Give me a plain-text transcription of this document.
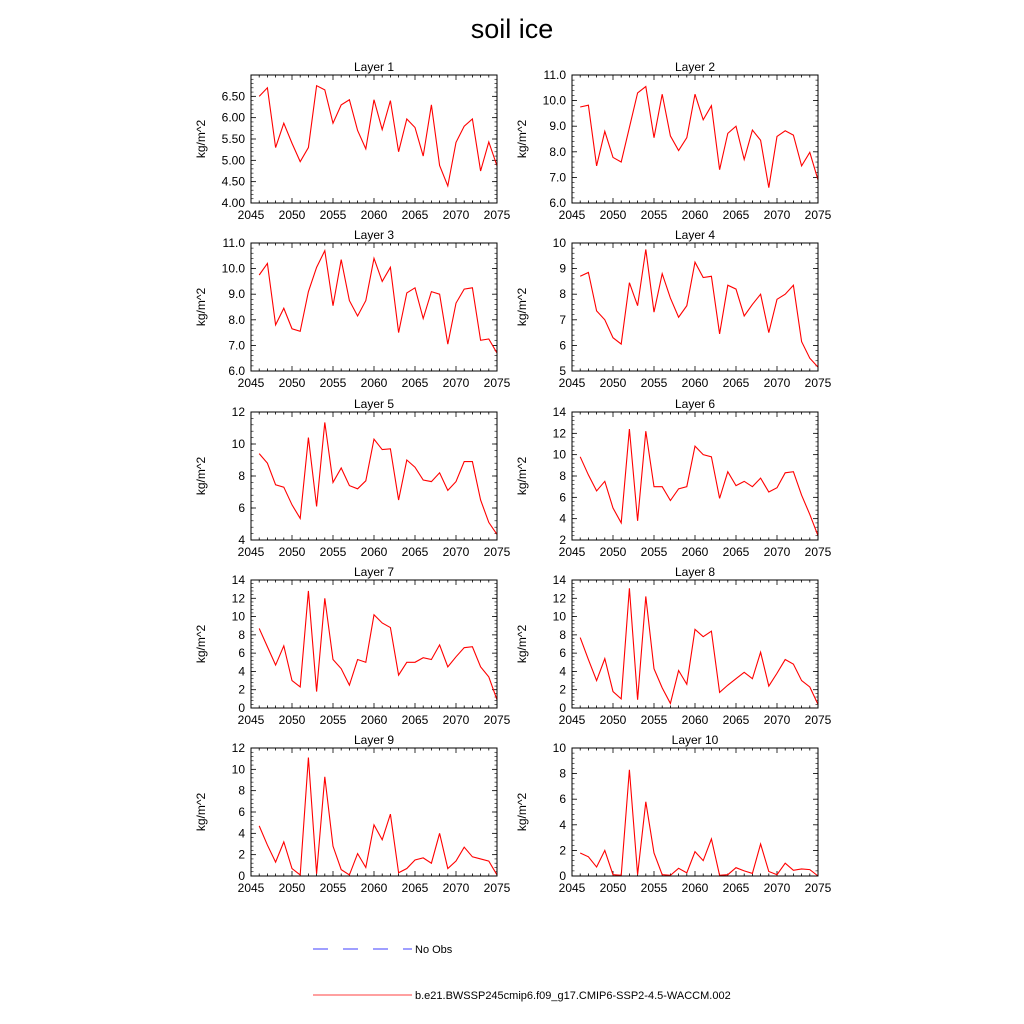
soil ice
Layer 1
kg/m^2
2045 2050 2055 2060 2065 2070 2075
4.00
4.50
5.00
5.50
6.00
6.50
Layer 2
kg/m^2
2045 2050 2055 2060 2065 2070 2075
6.0
7.0
8.0
9.0
10.0
11.0
Layer 3
kg/m^2
2045 2050 2055 2060 2065 2070 2075
6.0
7.0
8.0
9.0
10.0
11.0
Layer 4
kg/m^2
2045 2050 2055 2060 2065 2070 2075
5
6
7
8
9
10
Layer 5
kg/m^2
2045 2050 2055 2060 2065 2070 2075
4
6
8
10
12
Layer 6
kg/m^2
2045 2050 2055 2060 2065 2070 2075
2
4
6
8
10
12
14
Layer 7
kg/m^2
2045 2050 2055 2060 2065 2070 2075
0
2
4
6
8
10
12
14
Layer 8
kg/m^2
2045 2050 2055 2060 2065 2070 2075
0
2
4
6
8
10
12
14
Layer 9
kg/m^2
2045 2050 2055 2060 2065 2070 2075
0
2
4
6
8
10
12
Layer 10
kg/m^2
2045 2050 2055 2060 2065 2070 2075
0
2
4
6
8
10
No Obs
b.e21.BWSSP245cmip6.f09_g17.CMIP6-SSP2-4.5-WACCM.002
